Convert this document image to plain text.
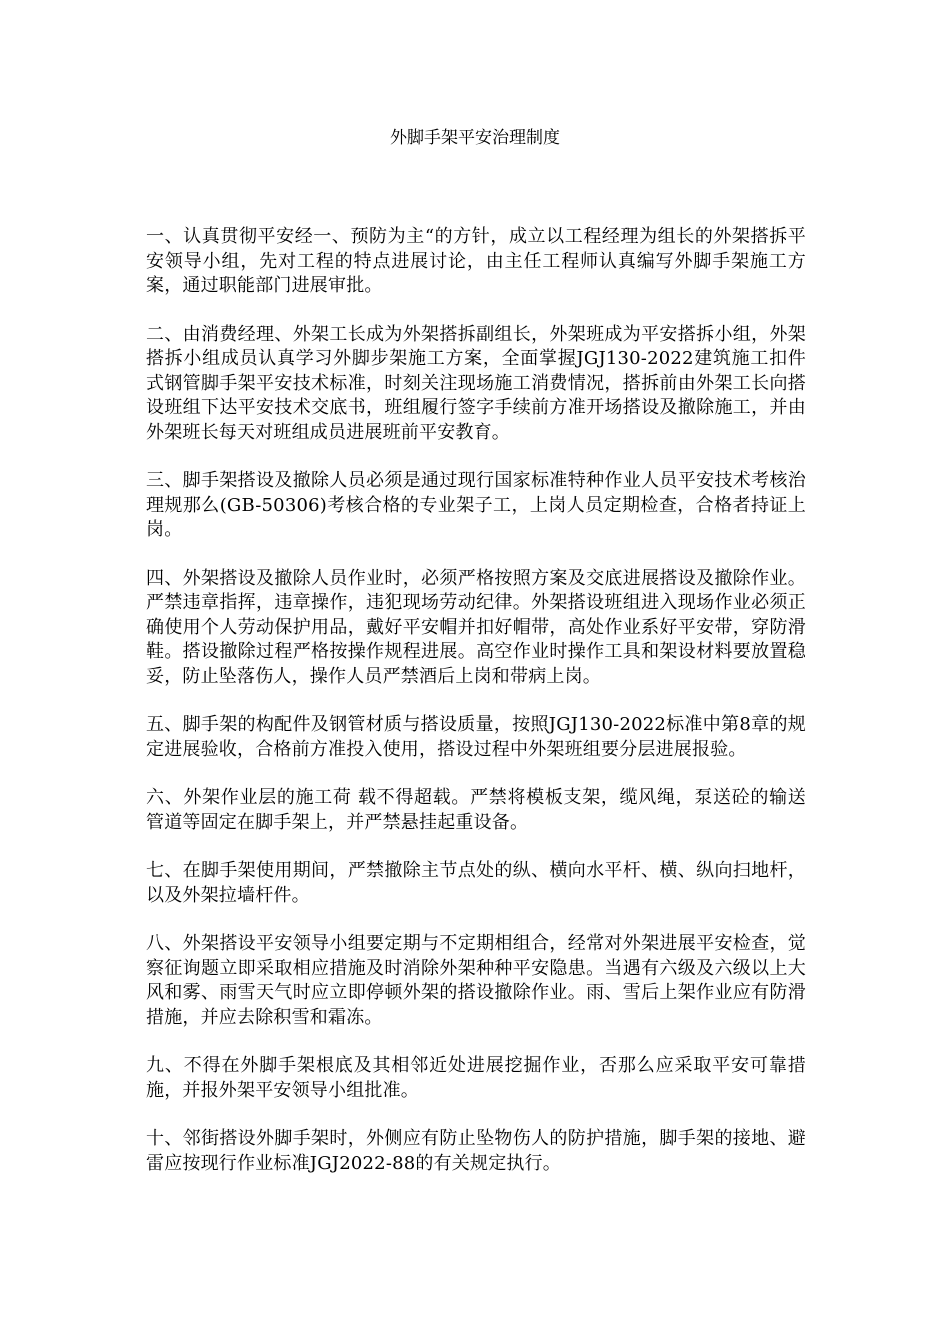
外脚手架平安治理制度

一、认真贯彻平安经一、预防为主“的方针，成立以工程经理为组长的外架搭拆平安领导小组，先对工程的特点进展讨论，由主任工程师认真编写外脚手架施工方案，通过职能部门进展审批。

二、由消费经理、外架工长成为外架搭拆副组长，外架班成为平安搭拆小组，外架搭拆小组成员认真学习外脚步架施工方案，全面掌握JGJ130-2022建筑施工扣件式钢管脚手架平安技术标准，时刻关注现场施工消费情况，搭拆前由外架工长向搭设班组下达平安技术交底书，班组履行签字手续前方准开场搭设及撤除施工，并由外架班长每天对班组成员进展班前平安教育。

三、脚手架搭设及撤除人员必须是通过现行国家标准特种作业人员平安技术考核治理规那么(GB-50306)考核合格的专业架子工，上岗人员定期检查，合格者持证上岗。

四、外架搭设及撤除人员作业时，必须严格按照方案及交底进展搭设及撤除作业。严禁违章指挥，违章操作，违犯现场劳动纪律。外架搭设班组进入现场作业必须正确使用个人劳动保护用品，戴好平安帽并扣好帽带，高处作业系好平安带，穿防滑鞋。搭设撤除过程严格按操作规程进展。高空作业时操作工具和架设材料要放置稳妥，防止坠落伤人，操作人员严禁酒后上岗和带病上岗。

五、脚手架的构配件及钢管材质与搭设质量，按照JGJ130-2022标准中第8章的规定进展验收，合格前方准投入使用，搭设过程中外架班组要分层进展报验。

六、外架作业层的施工荷 载不得超载。严禁将模板支架，缆风绳，泵送砼的输送管道等固定在脚手架上，并严禁悬挂起重设备。

七、在脚手架使用期间，严禁撤除主节点处的纵、横向水平杆、横、纵向扫地杆，以及外架拉墙杆件。

八、外架搭设平安领导小组要定期与不定期相组合，经常对外架进展平安检查，觉察征询题立即采取相应措施及时消除外架种种平安隐患。当遇有六级及六级以上大风和雾、雨雪天气时应立即停顿外架的搭设撤除作业。雨、雪后上架作业应有防滑措施，并应去除积雪和霜冻。

九、不得在外脚手架根底及其相邻近处进展挖掘作业，否那么应采取平安可靠措施，并报外架平安领导小组批准。

十、邻街搭设外脚手架时，外侧应有防止坠物伤人的防护措施，脚手架的接地、避雷应按现行作业标准JGJ2022-88的有关规定执行。
